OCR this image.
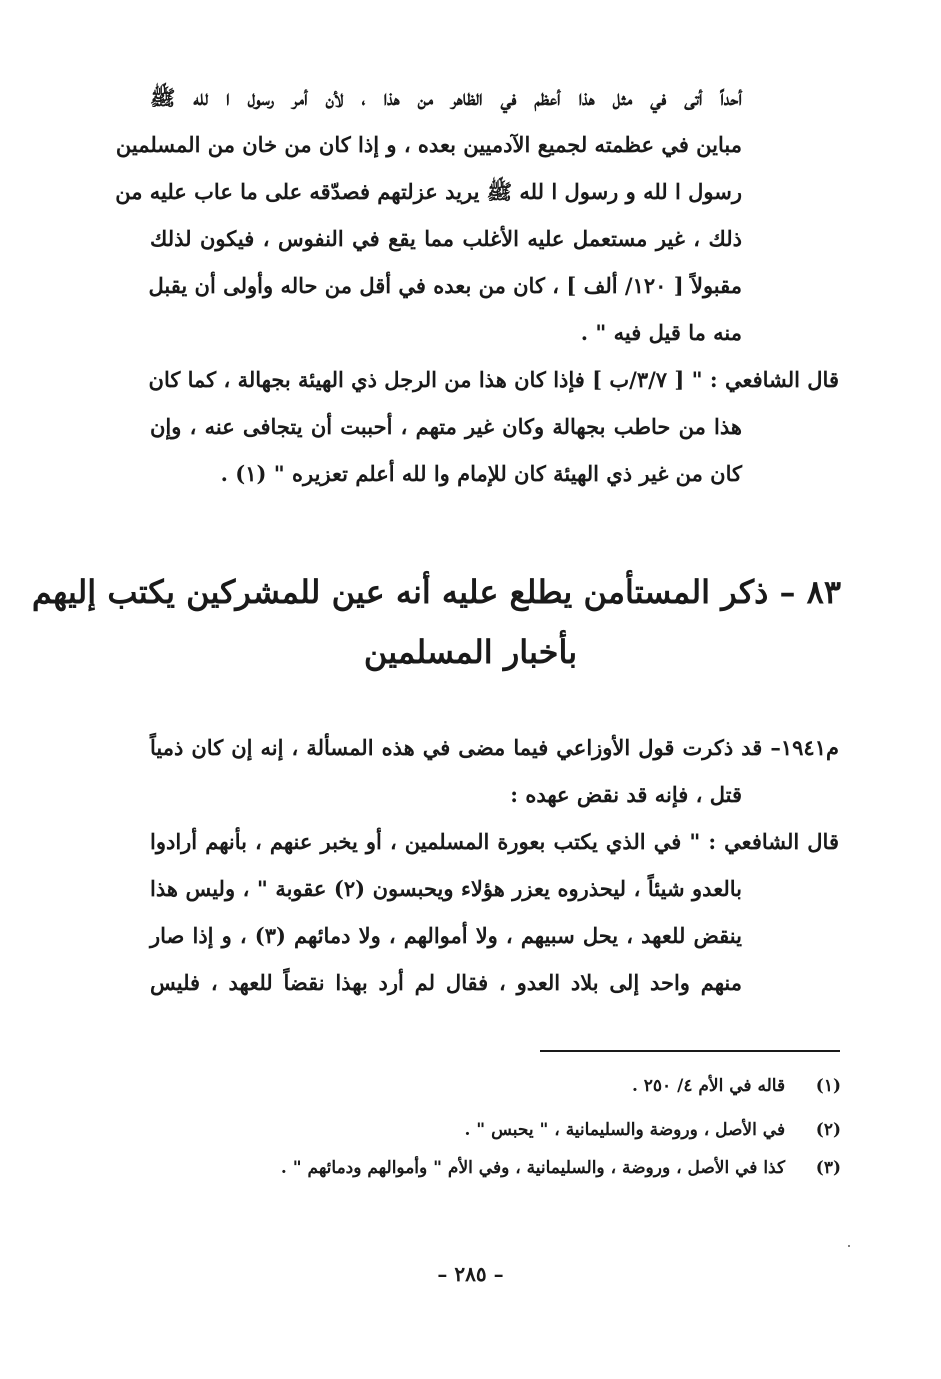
أحداً أتى في مثل هذا أعظم في الظاهر من هذا ، لأن أمر رسول ا لله ﷺ
مباين في عظمته لجميع الآدميين بعده ، و إذا كان من خان من المسلمين
رسول ا لله و رسول ا لله ﷺ يريد عزلتهم فصدّقه على ما عاب عليه من
ذلك ، غير مستعمل عليه الأغلب مما يقع في النفوس ، فيكون لذلك
مقبولاً [ ١٢٠/ ألف ] ، كان من بعده في أقل من حاله وأولى أن يقبل
منه ما قيل فيه " .
قال الشافعي : " [ ٣/٧/ب ] فإذا كان هذا من الرجل ذي الهيئة بجهالة ، كما كان
هذا من حاطب بجهالة وكان غير متهم ، أحببت أن يتجافى عنه ، وإن
كان من غير ذي الهيئة كان للإمام وا لله أعلم تعزيره " (١) .
٨٣ – ذكر المستأمن يطلع عليه أنه عين للمشركين يكتب إليهم
بأخبار المسلمين
م١٩٤١– قد ذكرت قول الأوزاعي فيما مضى في هذه المسألة ، إنه إن كان ذمياً
قتل ، فإنه قد نقض عهده :
قال الشافعي : " في الذي يكتب بعورة المسلمين ، أو يخبر عنهم ، بأنهم أرادوا
بالعدو شيئاً ، ليحذروه يعزر هؤلاء ويحبسون (٢) عقوبة " ، وليس هذا
ينقض للعهد ، يحل سبيهم ، ولا أموالهم ، ولا دمائهم (٣) ، و إذا صار
منهم واحد إلى بلاد العدو ، فقال لم أرد بهذا نقضاً للعهد ، فليس
(١) قاله في الأم ٤/ ٢٥٠ .
(٢) في الأصل ، وروضة والسليمانية ، " يحبس " .
(٣) كذا في الأصل ، وروضة ، والسليمانية ، وفي الأم " وأموالهم ودمائهم " .
– ٢٨٥ –
